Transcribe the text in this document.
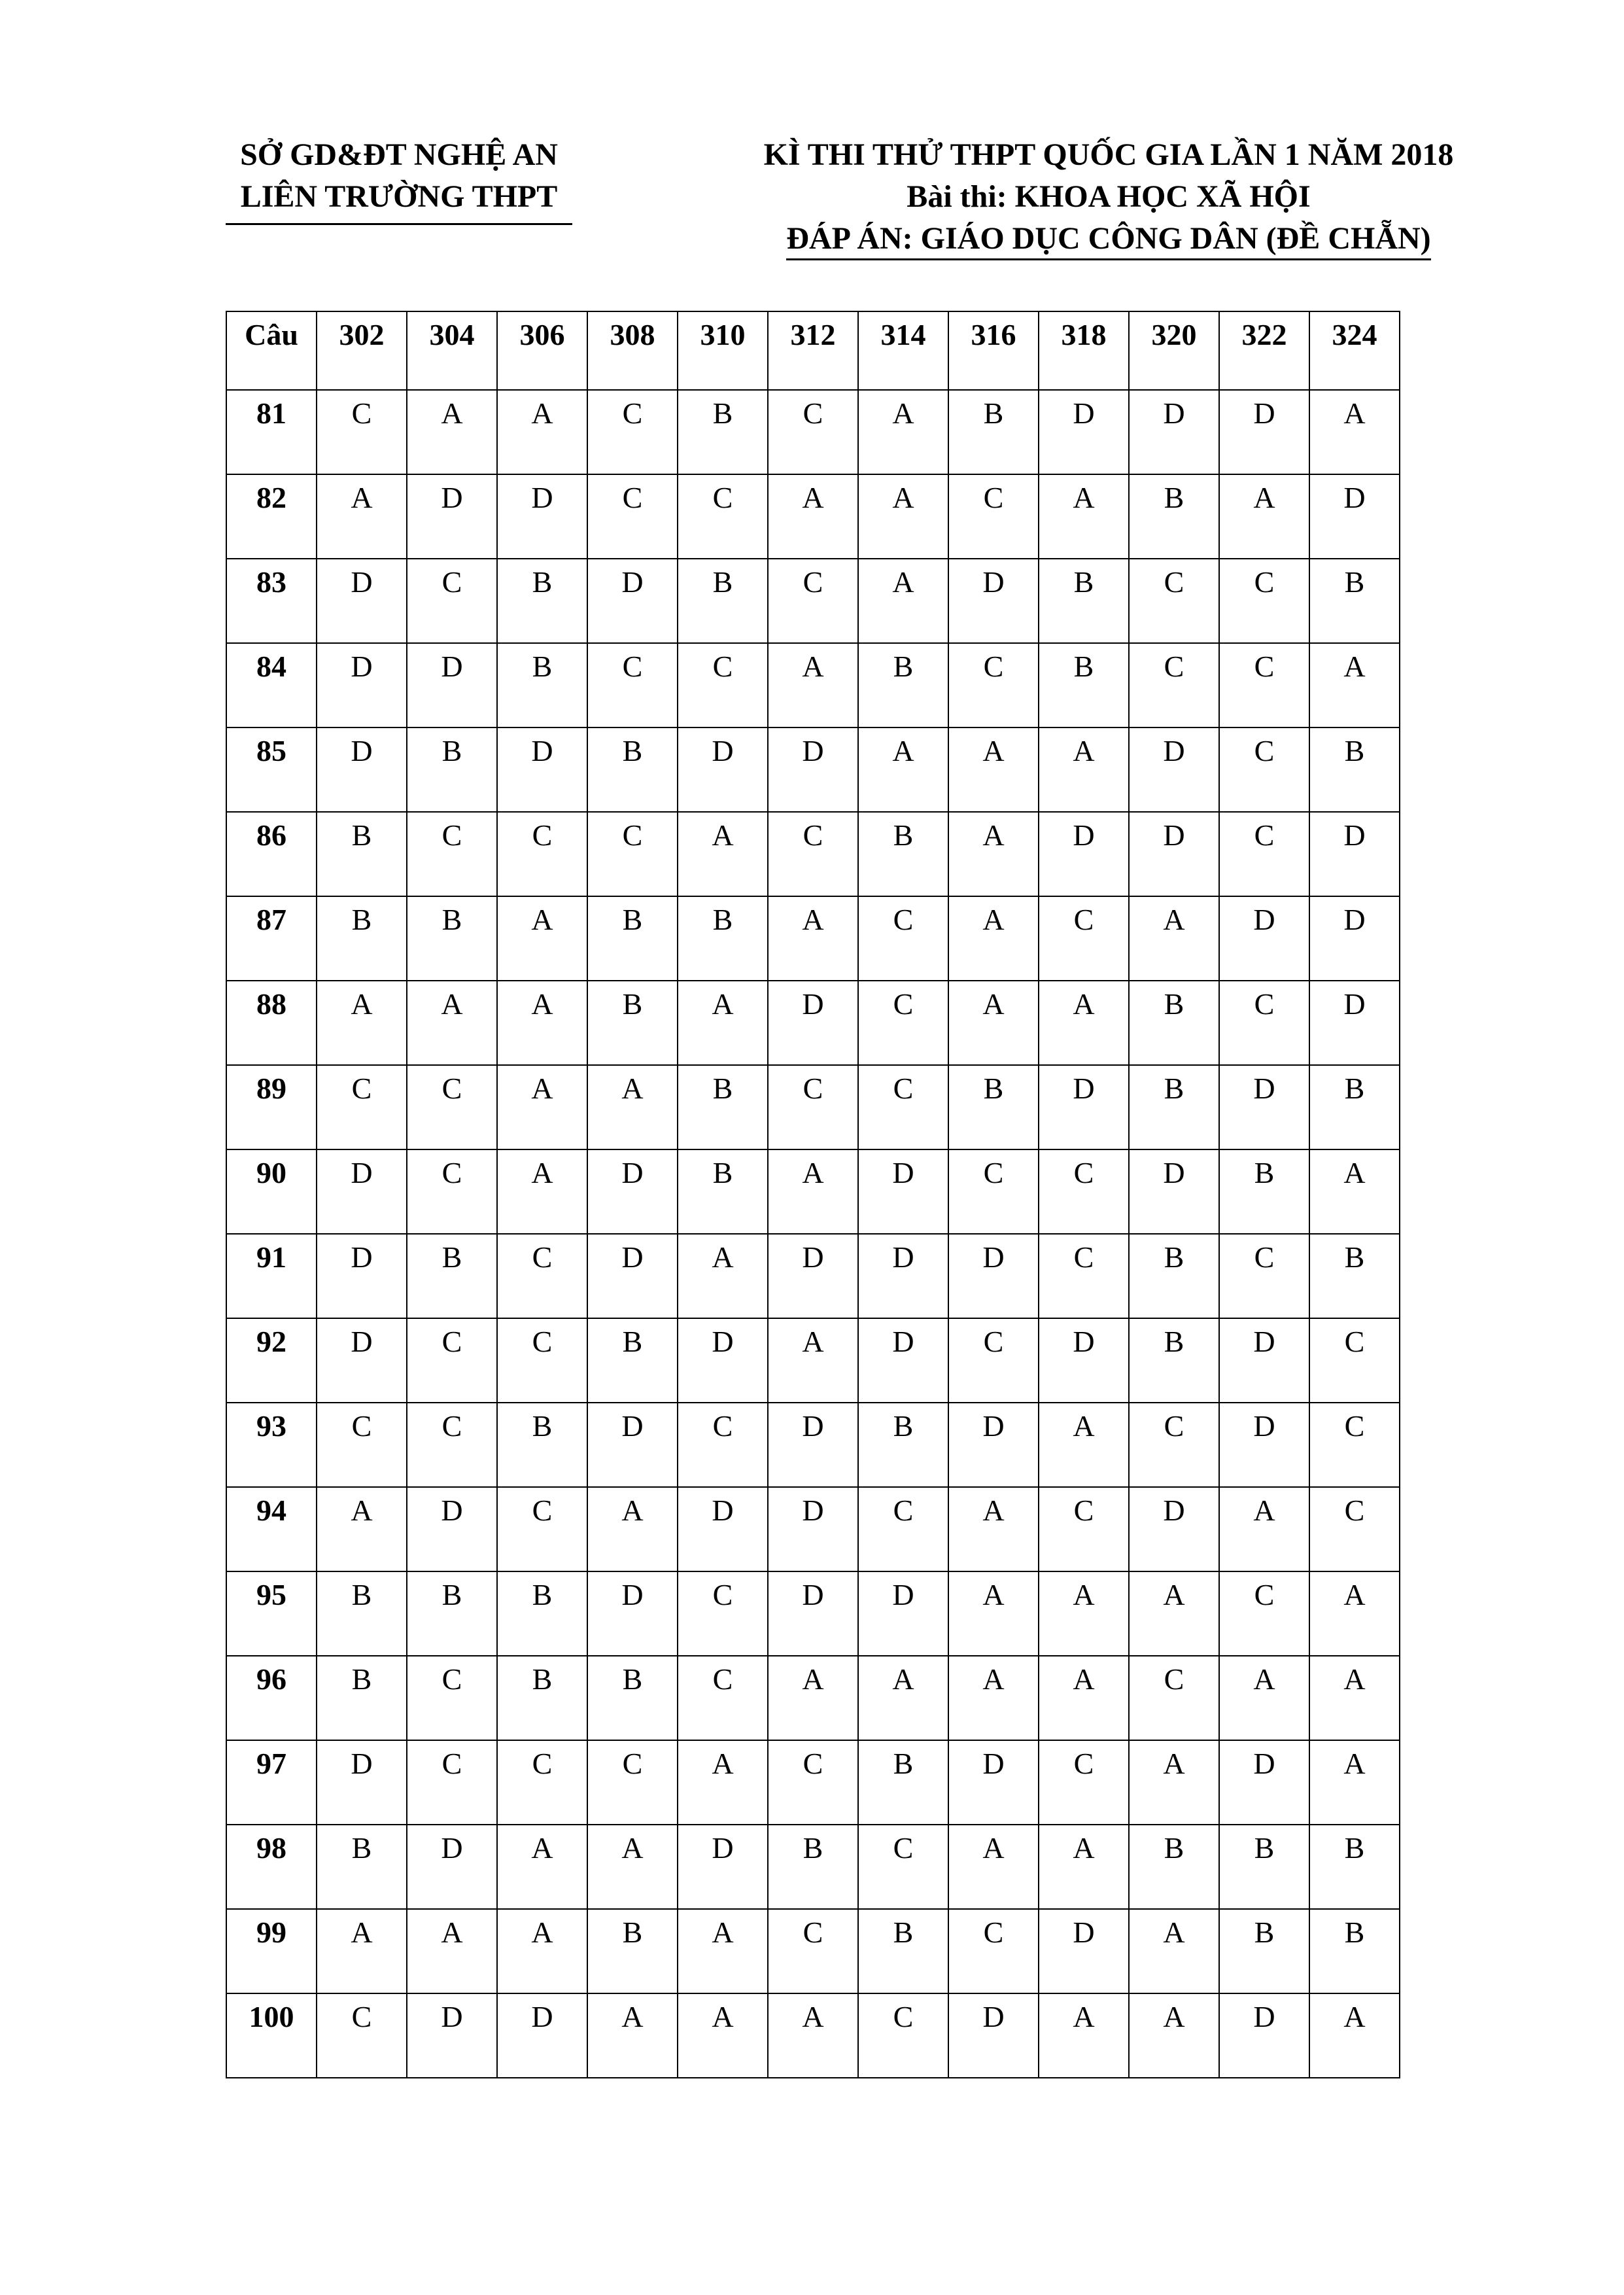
SỞ GD&ĐT NGHỆ AN
LIÊN TRƯỜNG THPT
KÌ THI THỬ THPT QUỐC GIA LẦN 1 NĂM 2018
Bài thi: KHOA HỌC XÃ HỘI
ĐÁP ÁN: GIÁO DỤC CÔNG DÂN (ĐỀ CHẴN)
Câu	302	304	306	308	310	312	314	316	318	320	322	324
81	C	A	A	C	B	C	A	B	D	D	D	A
82	A	D	D	C	C	A	A	C	A	B	A	D
83	D	C	B	D	B	C	A	D	B	C	C	B
84	D	D	B	C	C	A	B	C	B	C	C	A
85	D	B	D	B	D	D	A	A	A	D	C	B
86	B	C	C	C	A	C	B	A	D	D	C	D
87	B	B	A	B	B	A	C	A	C	A	D	D
88	A	A	A	B	A	D	C	A	A	B	C	D
89	C	C	A	A	B	C	C	B	D	B	D	B
90	D	C	A	D	B	A	D	C	C	D	B	A
91	D	B	C	D	A	D	D	D	C	B	C	B
92	D	C	C	B	D	A	D	C	D	B	D	C
93	C	C	B	D	C	D	B	D	A	C	D	C
94	A	D	C	A	D	D	C	A	C	D	A	C
95	B	B	B	D	C	D	D	A	A	A	C	A
96	B	C	B	B	C	A	A	A	A	C	A	A
97	D	C	C	C	A	C	B	D	C	A	D	A
98	B	D	A	A	D	B	C	A	A	B	B	B
99	A	A	A	B	A	C	B	C	D	A	B	B
100	C	D	D	A	A	A	C	D	A	A	D	A
